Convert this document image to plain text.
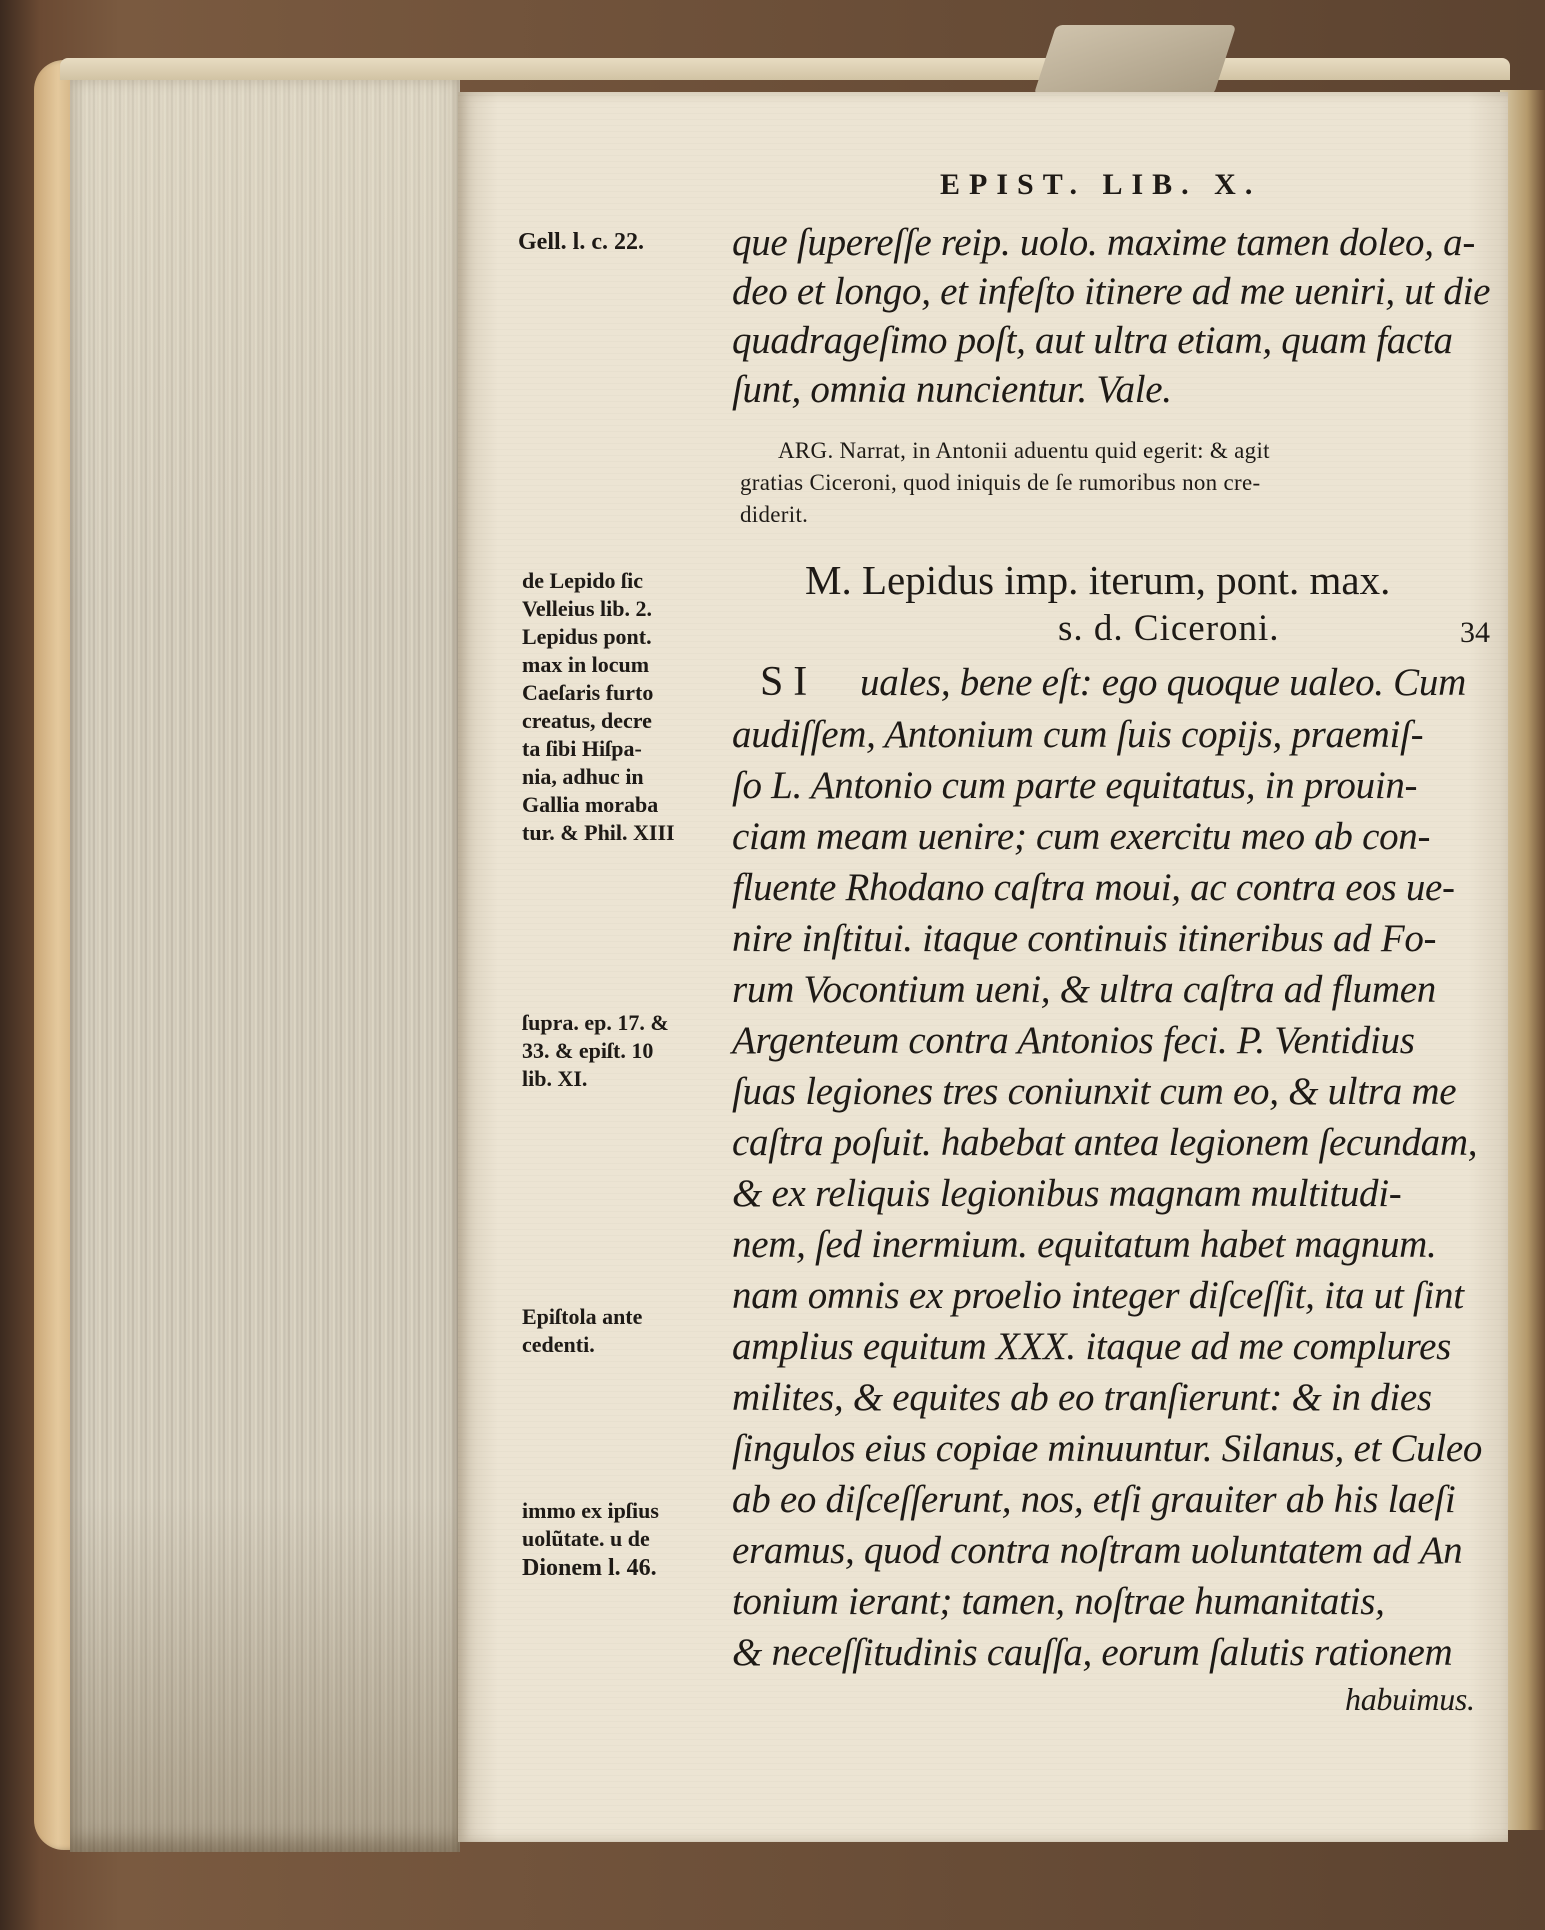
EPIST. LIB. X.
que ſupereſſe reip. uolo. maxime tamen doleo, a-
deo et longo, et infeſto itinere ad me ueniri, ut die
quadrageſimo poſt, aut ultra etiam, quam facta
ſunt, omnia nuncientur. Vale.
ARG. Narrat, in Antonii aduentu quid egerit: & agit
gratias Ciceroni, quod iniquis de ſe rumoribus non cre-
diderit.
M. Lepidus imp. iterum, pont. max.
s. d. Ciceroni.	34
S I uales, bene eſt: ego quoque ualeo. Cum
audiſſem, Antonium cum ſuis copijs, praemiſ-
ſo L. Antonio cum parte equitatus, in prouin-
ciam meam uenire; cum exercitu meo ab con-
fluente Rhodano caſtra moui, ac contra eos ue-
nire inſtitui. itaque continuis itineribus ad Fo-
rum Vocontium ueni, & ultra caſtra ad flumen
Argenteum contra Antonios feci. P. Ventidius
ſuas legiones tres coniunxit cum eo, & ultra me
caſtra poſuit. habebat antea legionem ſecundam,
& ex reliquis legionibus magnam multitudi-
nem, ſed inermium. equitatum habet magnum.
nam omnis ex proelio integer diſceſſit, ita ut ſint
amplius equitum XXX. itaque ad me complures
milites, & equites ab eo tranſierunt: & in dies
ſingulos eius copiae minuuntur. Silanus, et Culeo
ab eo diſceſſerunt, nos, etſi grauiter ab his laeſi
eramus, quod contra noſtram uoluntatem ad An
tonium ierant; tamen, noſtrae humanitatis,
& neceſſitudinis cauſſa, eorum ſalutis rationem
habuimus.
Gell. l. c. 22.
de Lepido ſic
Velleius lib. 2.
Lepidus pont.
max in locum
Caeſaris furto
creatus, decre
ta ſibi Hiſpa-
nia, adhuc in
Gallia moraba
tur. & Phil. XIII
ſupra. ep. 17. &
33. & epiſt. 10
lib. XI.
Epiſtola ante
cedenti.
immo ex ipſius
uolũtate. u de
Dionem l. 46.
